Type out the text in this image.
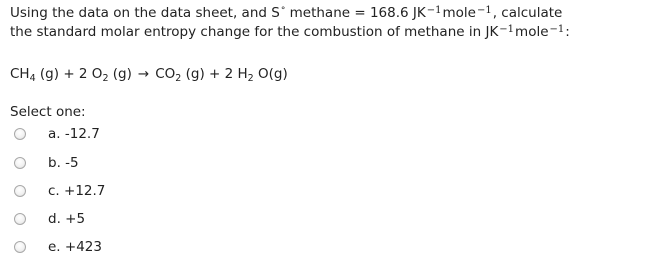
Using the data on the data sheet, and S° methane = 168.6 $JK^{-1}mole^{-1}$, calculate
the standard molar entropy change for the combustion of methane in $JK^{-1}mole^{-1}$:
$CH_4$ (g) + 2 $O_2$ $(g) \to CO_2$ (g) + 2 $H_2$ O(g)
Select one:
a. -12.7
b. -5
c. +12.7
d. +5
e. +423
